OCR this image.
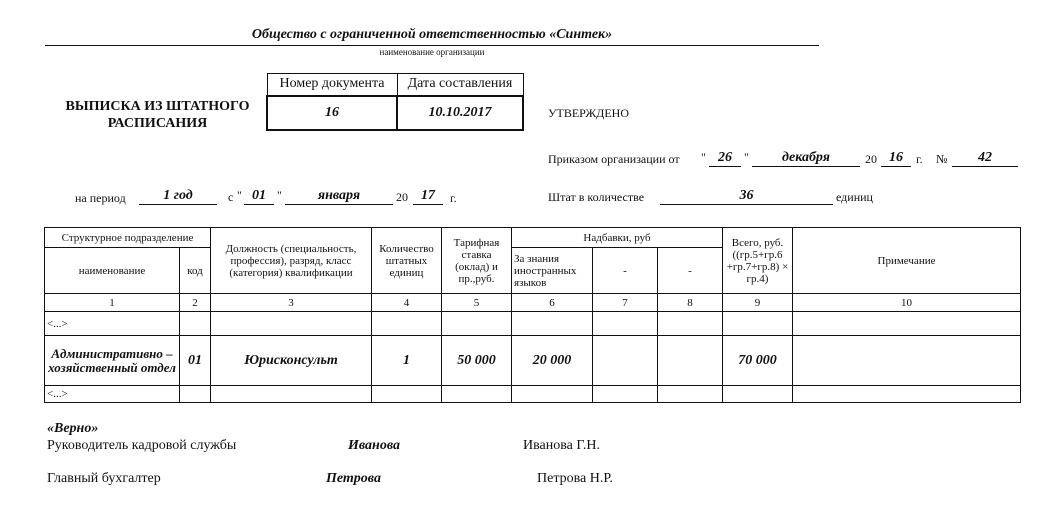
Общество с ограниченной ответственностью «Синтек»
наименование организации
ВЫПИСКА ИЗ ШТАТНОГО
РАСПИСАНИЯ
Номер документа	Дата составления
16	10.10.2017	УТВЕРЖДЕНО
Приказом организации от " 26	"	декабря	20 16	г. №	42
на период	1 год	с " 01 "	января	20 17	г.	Штат в количестве	36	единиц
Структурное подразделение		Должность (специальность, профессия), разряд, класс (категория) квалификации	Количество штатных единиц	Тарифная ставка (оклад) и пр.,руб.	Надбавки, руб			Всего, руб. ((гр.5+гр.6 +гр.7+гр.8) × гр.4)	Примечание
наименование	код				За знания иностранных языков	-	-		
1	2	3	4	5	6	7	8	9	10
<...>									
Административно – хозяйственный отдел	01	Юрисконсульт	1	50 000	20 000			70 000	
<...>									
«Верно»
Руководитель кадровой службы	Иванова	Иванова Г.Н.
Главный бухгалтер	Петрова	Петрова Н.Р.
